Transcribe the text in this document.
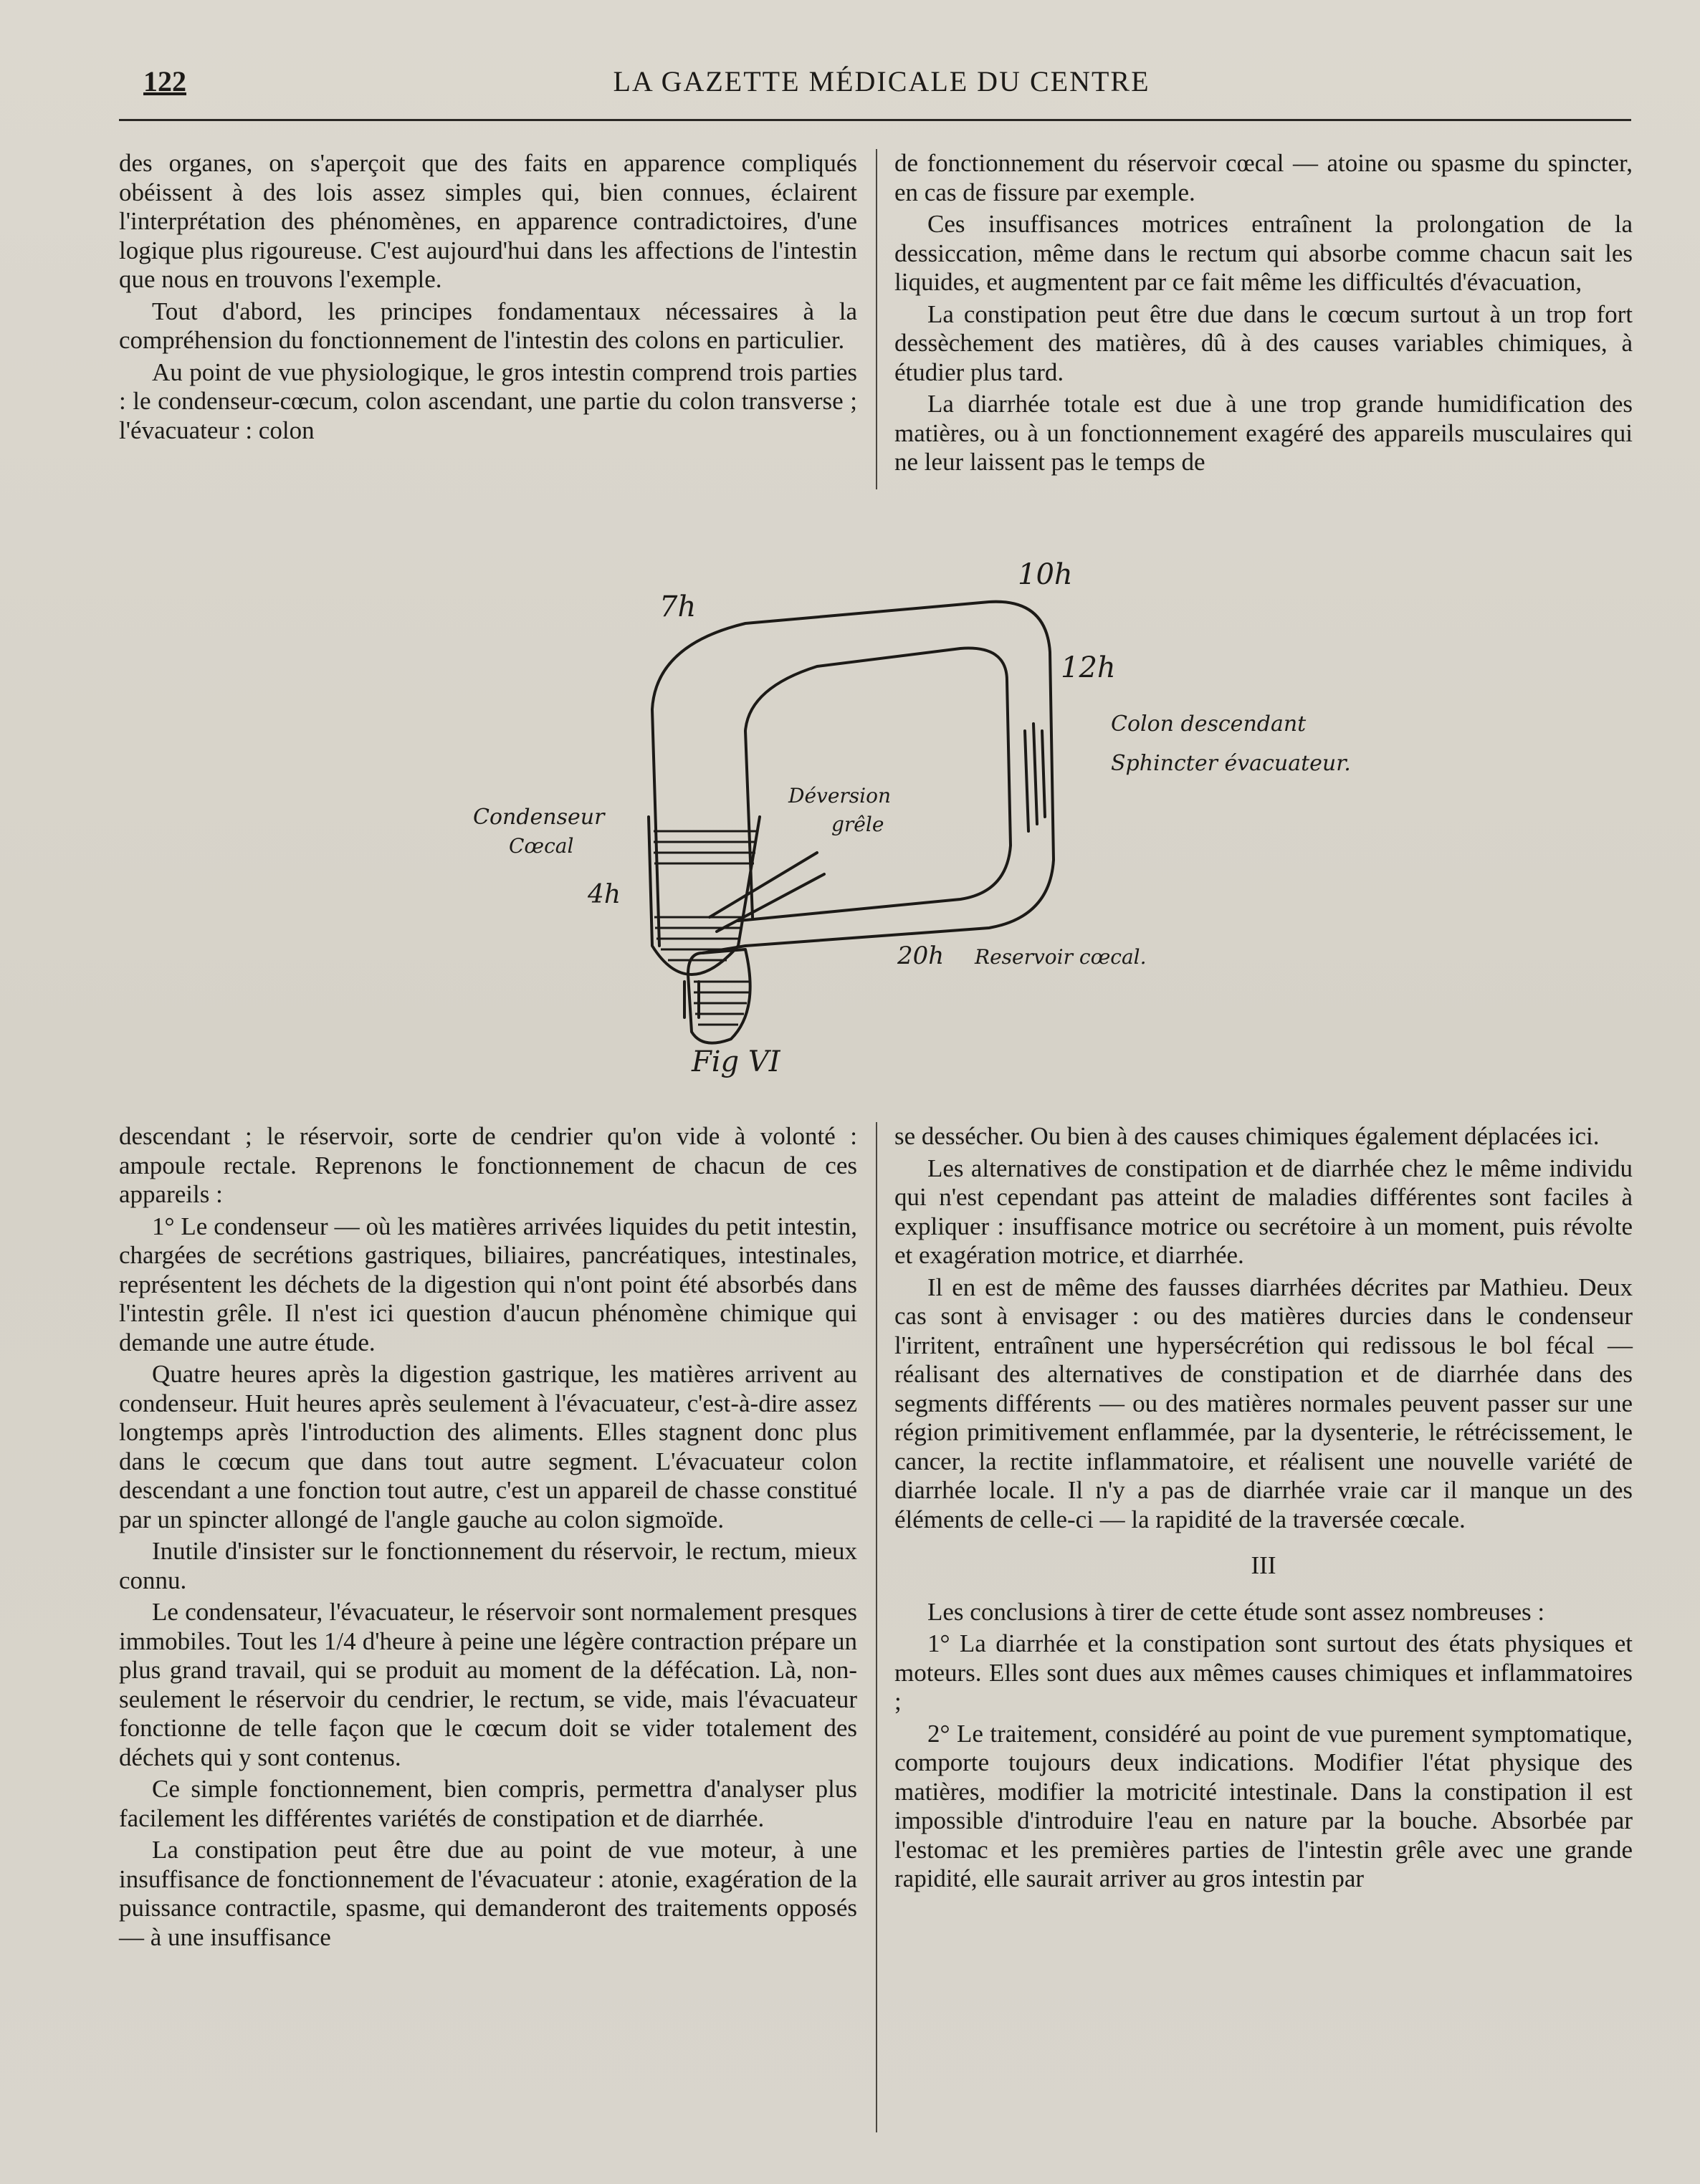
122	LA GAZETTE MÉDICALE DU CENTRE

des organes, on s'aperçoit que des faits en apparence compliqués obéissent à des lois assez simples qui, bien connues, éclairent l'interprétation des phénomènes, en apparence contradictoires, d'une logique plus rigoureuse. C'est aujourd'hui dans les affections de l'intestin que nous en trouvons l'exemple.

Tout d'abord, les principes fondamentaux nécessaires à la compréhension du fonctionnement de l'intestin des colons en particulier.

Au point de vue physiologique, le gros intestin comprend trois parties : le condenseur-cœcum, colon ascendant, une partie du colon transverse ; l'évacuateur : colon

de fonctionnement du réservoir cœcal — atoine ou spasme du spincter, en cas de fissure par exemple.

Ces insuffisances motrices entraînent la prolongation de la dessiccation, même dans le rectum qui absorbe comme chacun sait les liquides, et augmentent par ce fait même les difficultés d'évacuation,

La constipation peut être due dans le cœcum surtout à un trop fort dessèchement des matières, dû à des causes variables chimiques, à étudier plus tard.

La diarrhée totale est due à une trop grande humidification des matières, ou à un fonctionnement exagéré des appareils musculaires qui ne leur laissent pas le temps de

7h
10h
12h
Colon descendant
Sphincter évacuateur.
Condenseur
Cœcal
4h
Déversion
grêle
20h Reservoir cœcal.
Fig VI

descendant ; le réservoir, sorte de cendrier qu'on vide à volonté : ampoule rectale. Reprenons le fonctionnement de chacun de ces appareils :

1° Le condenseur — où les matières arrivées liquides du petit intestin, chargées de secrétions gastriques, biliaires, pancréatiques, intestinales, représentent les déchets de la digestion qui n'ont point été absorbés dans l'intestin grêle. Il n'est ici question d'aucun phénomène chimique qui demande une autre étude.

Quatre heures après la digestion gastrique, les matières arrivent au condenseur. Huit heures après seulement à l'évacuateur, c'est-à-dire assez longtemps après l'introduction des aliments. Elles stagnent donc plus dans le cœcum que dans tout autre segment. L'évacuateur colon descendant a une fonction tout autre, c'est un appareil de chasse constitué par un spincter allongé de l'angle gauche au colon sigmoïde.

Inutile d'insister sur le fonctionnement du réservoir, le rectum, mieux connu.

Le condensateur, l'évacuateur, le réservoir sont normalement presques immobiles. Tout les 1/4 d'heure à peine une légère contraction prépare un plus grand travail, qui se produit au moment de la défécation. Là, non-seulement le réservoir du cendrier, le rectum, se vide, mais l'évacuateur fonctionne de telle façon que le cœcum doit se vider totalement des déchets qui y sont contenus.

Ce simple fonctionnement, bien compris, permettra d'analyser plus facilement les différentes variétés de constipation et de diarrhée.

La constipation peut être due au point de vue moteur, à une insuffisance de fonctionnement de l'évacuateur : atonie, exagération de la puissance contractile, spasme, qui demanderont des traitements opposés — à une insuffisance

se dessécher. Ou bien à des causes chimiques également déplacées ici.

Les alternatives de constipation et de diarrhée chez le même individu qui n'est cependant pas atteint de maladies différentes sont faciles à expliquer : insuffisance motrice ou secrétoire à un moment, puis révolte et exagération motrice, et diarrhée.

Il en est de même des fausses diarrhées décrites par Mathieu. Deux cas sont à envisager : ou des matières durcies dans le condenseur l'irritent, entraînent une hypersécrétion qui redissous le bol fécal — réalisant des alternatives de constipation et de diarrhée dans des segments différents — ou des matières normales peuvent passer sur une région primitivement enflammée, par la dysenterie, le rétrécissement, le cancer, la rectite inflammatoire, et réalisent une nouvelle variété de diarrhée locale. Il n'y a pas de diarrhée vraie car il manque un des éléments de celle-ci — la rapidité de la traversée cœcale.

III

Les conclusions à tirer de cette étude sont assez nombreuses :

1° La diarrhée et la constipation sont surtout des états physiques et moteurs. Elles sont dues aux mêmes causes chimiques et inflammatoires ;

2° Le traitement, considéré au point de vue purement symptomatique, comporte toujours deux indications. Modifier l'état physique des matières, modifier la motricité intestinale. Dans la constipation il est impossible d'introduire l'eau en nature par la bouche. Absorbée par l'estomac et les premières parties de l'intestin grêle avec une grande rapidité, elle saurait arriver au gros intestin par
